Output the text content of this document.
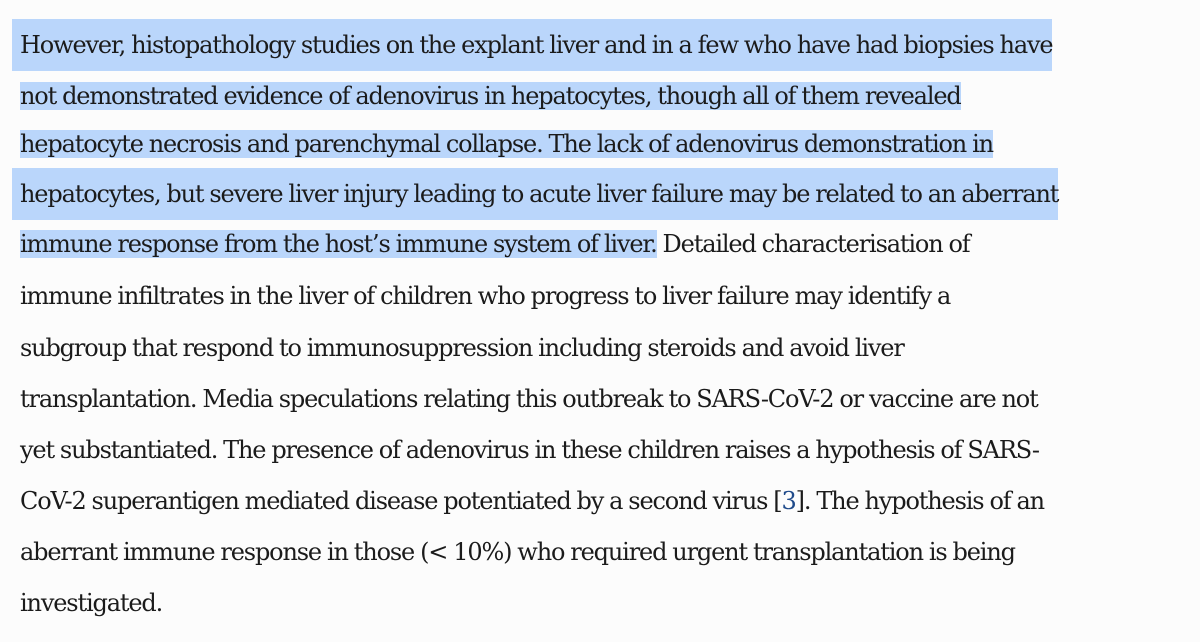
However, histopathology studies on the explant liver and in a few who have had biopsies have
not demonstrated evidence of adenovirus in hepatocytes, though all of them revealed
hepatocyte necrosis and parenchymal collapse. The lack of adenovirus demonstration in
hepatocytes, but severe liver injury leading to acute liver failure may be related to an aberrant
immune response from the host’s immune system of liver. Detailed characterisation of
immune infiltrates in the liver of children who progress to liver failure may identify a
subgroup that respond to immunosuppression including steroids and avoid liver
transplantation. Media speculations relating this outbreak to SARS-CoV-2 or vaccine are not
yet substantiated. The presence of adenovirus in these children raises a hypothesis of SARS-
CoV-2 superantigen mediated disease potentiated by a second virus [3]. The hypothesis of an
aberrant immune response in those (< 10%) who required urgent transplantation is being
investigated.
